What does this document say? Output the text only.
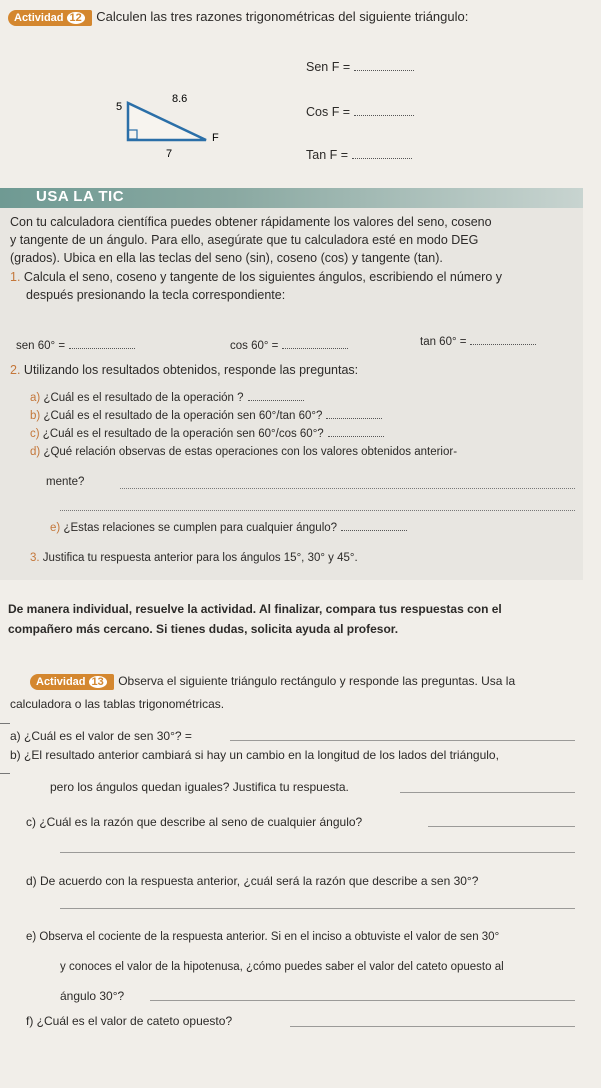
Actividad 12 Calculen las tres razones trigonométricas del siguiente triángulo:
5
8.6
7
F
Sen F =
Cos F =
Tan F =
USA LA TIC
Con tu calculadora científica puedes obtener rápidamente los valores del seno, coseno
y tangente de un ángulo. Para ello, asegúrate que tu calculadora esté en modo DEG
(grados). Ubica en ella las teclas del seno (sin), coseno (cos) y tangente (tan).
1. Calcula el seno, coseno y tangente de los siguientes ángulos, escribiendo el número y
después presionando la tecla correspondiente:
sen 60° =	cos 60° =	tan 60° =
2. Utilizando los resultados obtenidos, responde las preguntas:
a) ¿Cuál es el resultado de la operación ?
b) ¿Cuál es el resultado de la operación sen 60°/tan 60°?
c) ¿Cuál es el resultado de la operación sen 60°/cos 60°?
d) ¿Qué relación observas de estas operaciones con los valores obtenidos anterior-
mente?
e) ¿Estas relaciones se cumplen para cualquier ángulo?
3. Justifica tu respuesta anterior para los ángulos 15°, 30° y 45°.
De manera individual, resuelve la actividad. Al finalizar, compara tus respuestas con el
compañero más cercano. Si tienes dudas, solicita ayuda al profesor.
Actividad 13 Observa el siguiente triángulo rectángulo y responde las preguntas. Usa la
calculadora o las tablas trigonométricas.
a) ¿Cuál es el valor de sen 30°? =
b) ¿El resultado anterior cambiará si hay un cambio en la longitud de los lados del triángulo,
pero los ángulos quedan iguales? Justifica tu respuesta.
c) ¿Cuál es la razón que describe al seno de cualquier ángulo?
d) De acuerdo con la respuesta anterior, ¿cuál será la razón que describe a sen 30°?
e) Observa el cociente de la respuesta anterior. Si en el inciso a obtuviste el valor de sen 30°
y conoces el valor de la hipotenusa, ¿cómo puedes saber el valor del cateto opuesto al
ángulo 30°?
f) ¿Cuál es el valor de cateto opuesto?
